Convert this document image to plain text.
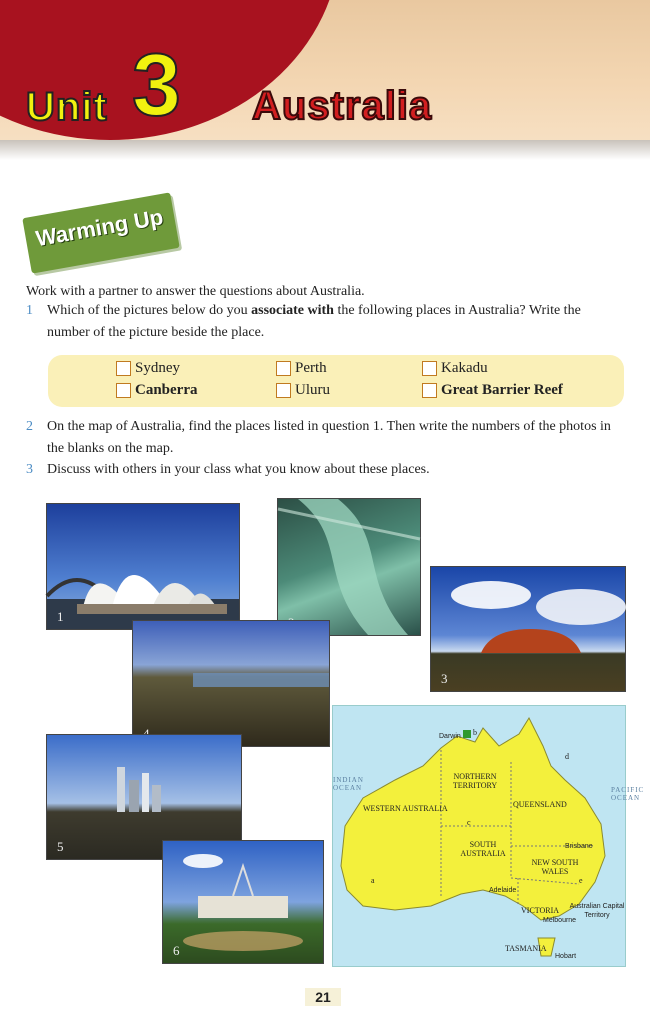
Unit 3 Australia
Warming Up
Work with a partner to answer the questions about Australia.
1 Which of the pictures below do you associate with the following places in Australia? Write the number of the picture beside the place.
Sydney	Perth	Kakadu
Canberra	Uluru	Great Barrier Reef
2 On the map of Australia, find the places listed in question 1. Then write the numbers of the photos in the blanks on the map.
3 Discuss with others in your class what you know about these places.
1
3
5
6
WESTERN AUSTRALIA
NORTHERN TERRITORY
QUEENSLAND
SOUTH AUSTRALIA
NEW SOUTH WALES
VICTORIA
TASMANIA
Darwin
Brisbane
Adelaide
Melbourne
Hobart
Australian Capital Territory
a
b
c
d
e
INDIAN OCEAN	PACIFIC OCEAN
21
